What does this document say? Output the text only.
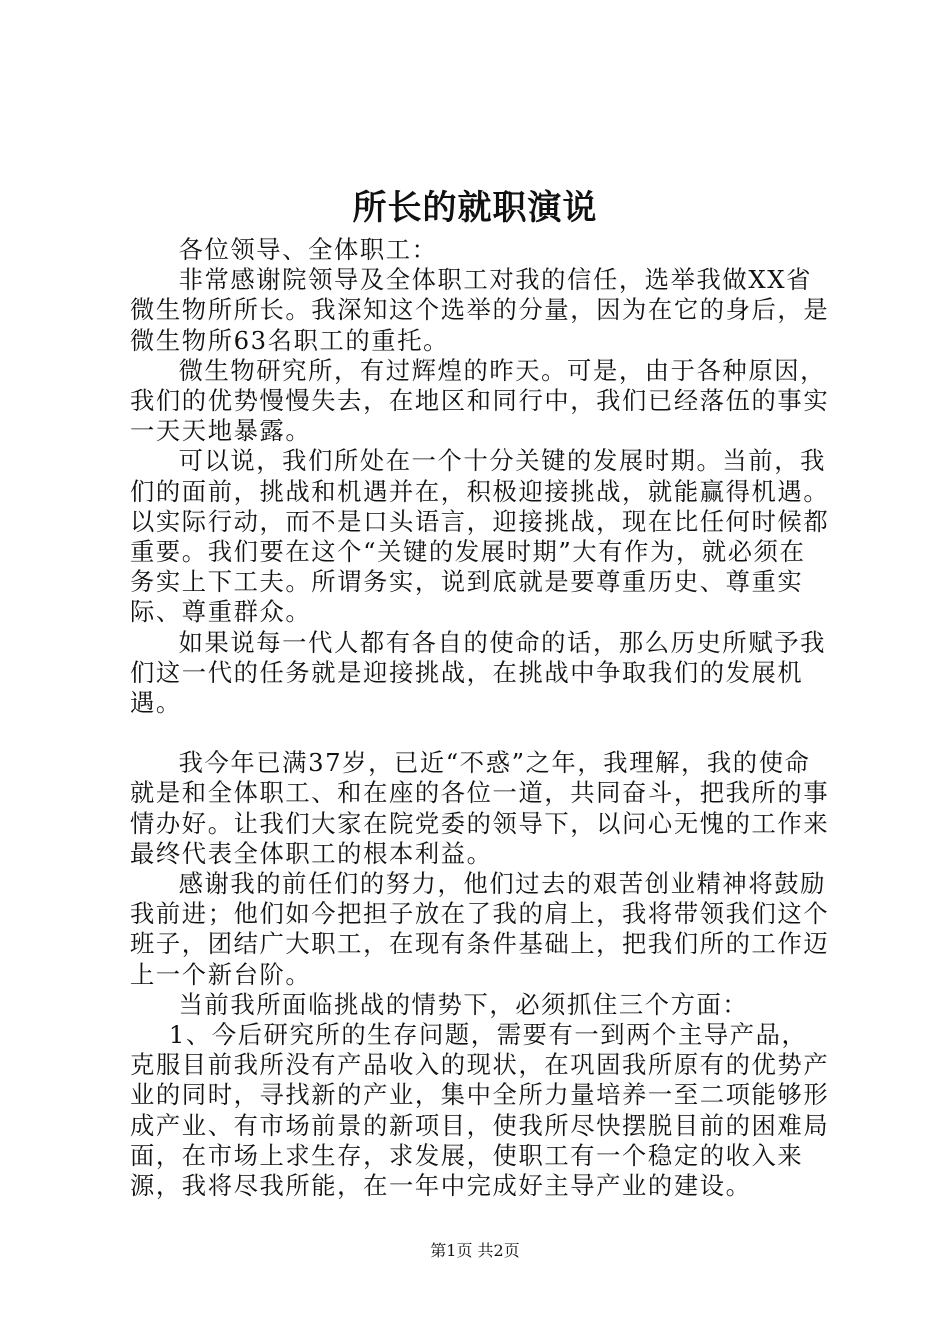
所长的就职演说

各位领导、全体职工：

非常感谢院领导及全体职工对我的信任，选举我做XX省微生物所所长。我深知这个选举的分量，因为在它的身后，是微生物所63名职工的重托。

微生物研究所，有过辉煌的昨天。可是，由于各种原因，我们的优势慢慢失去，在地区和同行中，我们已经落伍的事实一天天地暴露。

可以说，我们所处在一个十分关键的发展时期。当前，我们的面前，挑战和机遇并在，积极迎接挑战，就能赢得机遇。以实际行动，而不是口头语言，迎接挑战，现在比任何时候都重要。我们要在这个“关键的发展时期”大有作为，就必须在务实上下工夫。所谓务实，说到底就是要尊重历史、尊重实际、尊重群众。

如果说每一代人都有各自的使命的话，那么历史所赋予我们这一代的任务就是迎接挑战，在挑战中争取我们的发展机遇。

我今年已满37岁，已近“不惑”之年，我理解，我的使命就是和全体职工、和在座的各位一道，共同奋斗，把我所的事情办好。让我们大家在院党委的领导下，以问心无愧的工作来最终代表全体职工的根本利益。

感谢我的前任们的努力，他们过去的艰苦创业精神将鼓励我前进；他们如今把担子放在了我的肩上，我将带领我们这个班子，团结广大职工，在现有条件基础上，把我们所的工作迈上一个新台阶。

当前我所面临挑战的情势下，必须抓住三个方面：

1、今后研究所的生存问题，需要有一到两个主导产品，克服目前我所没有产品收入的现状，在巩固我所原有的优势产业的同时，寻找新的产业，集中全所力量培养一至二项能够形成产业、有市场前景的新项目，使我所尽快摆脱目前的困难局面，在市场上求生存，求发展，使职工有一个稳定的收入来源，我将尽我所能，在一年中完成好主导产业的建设。

第1页 共2页
